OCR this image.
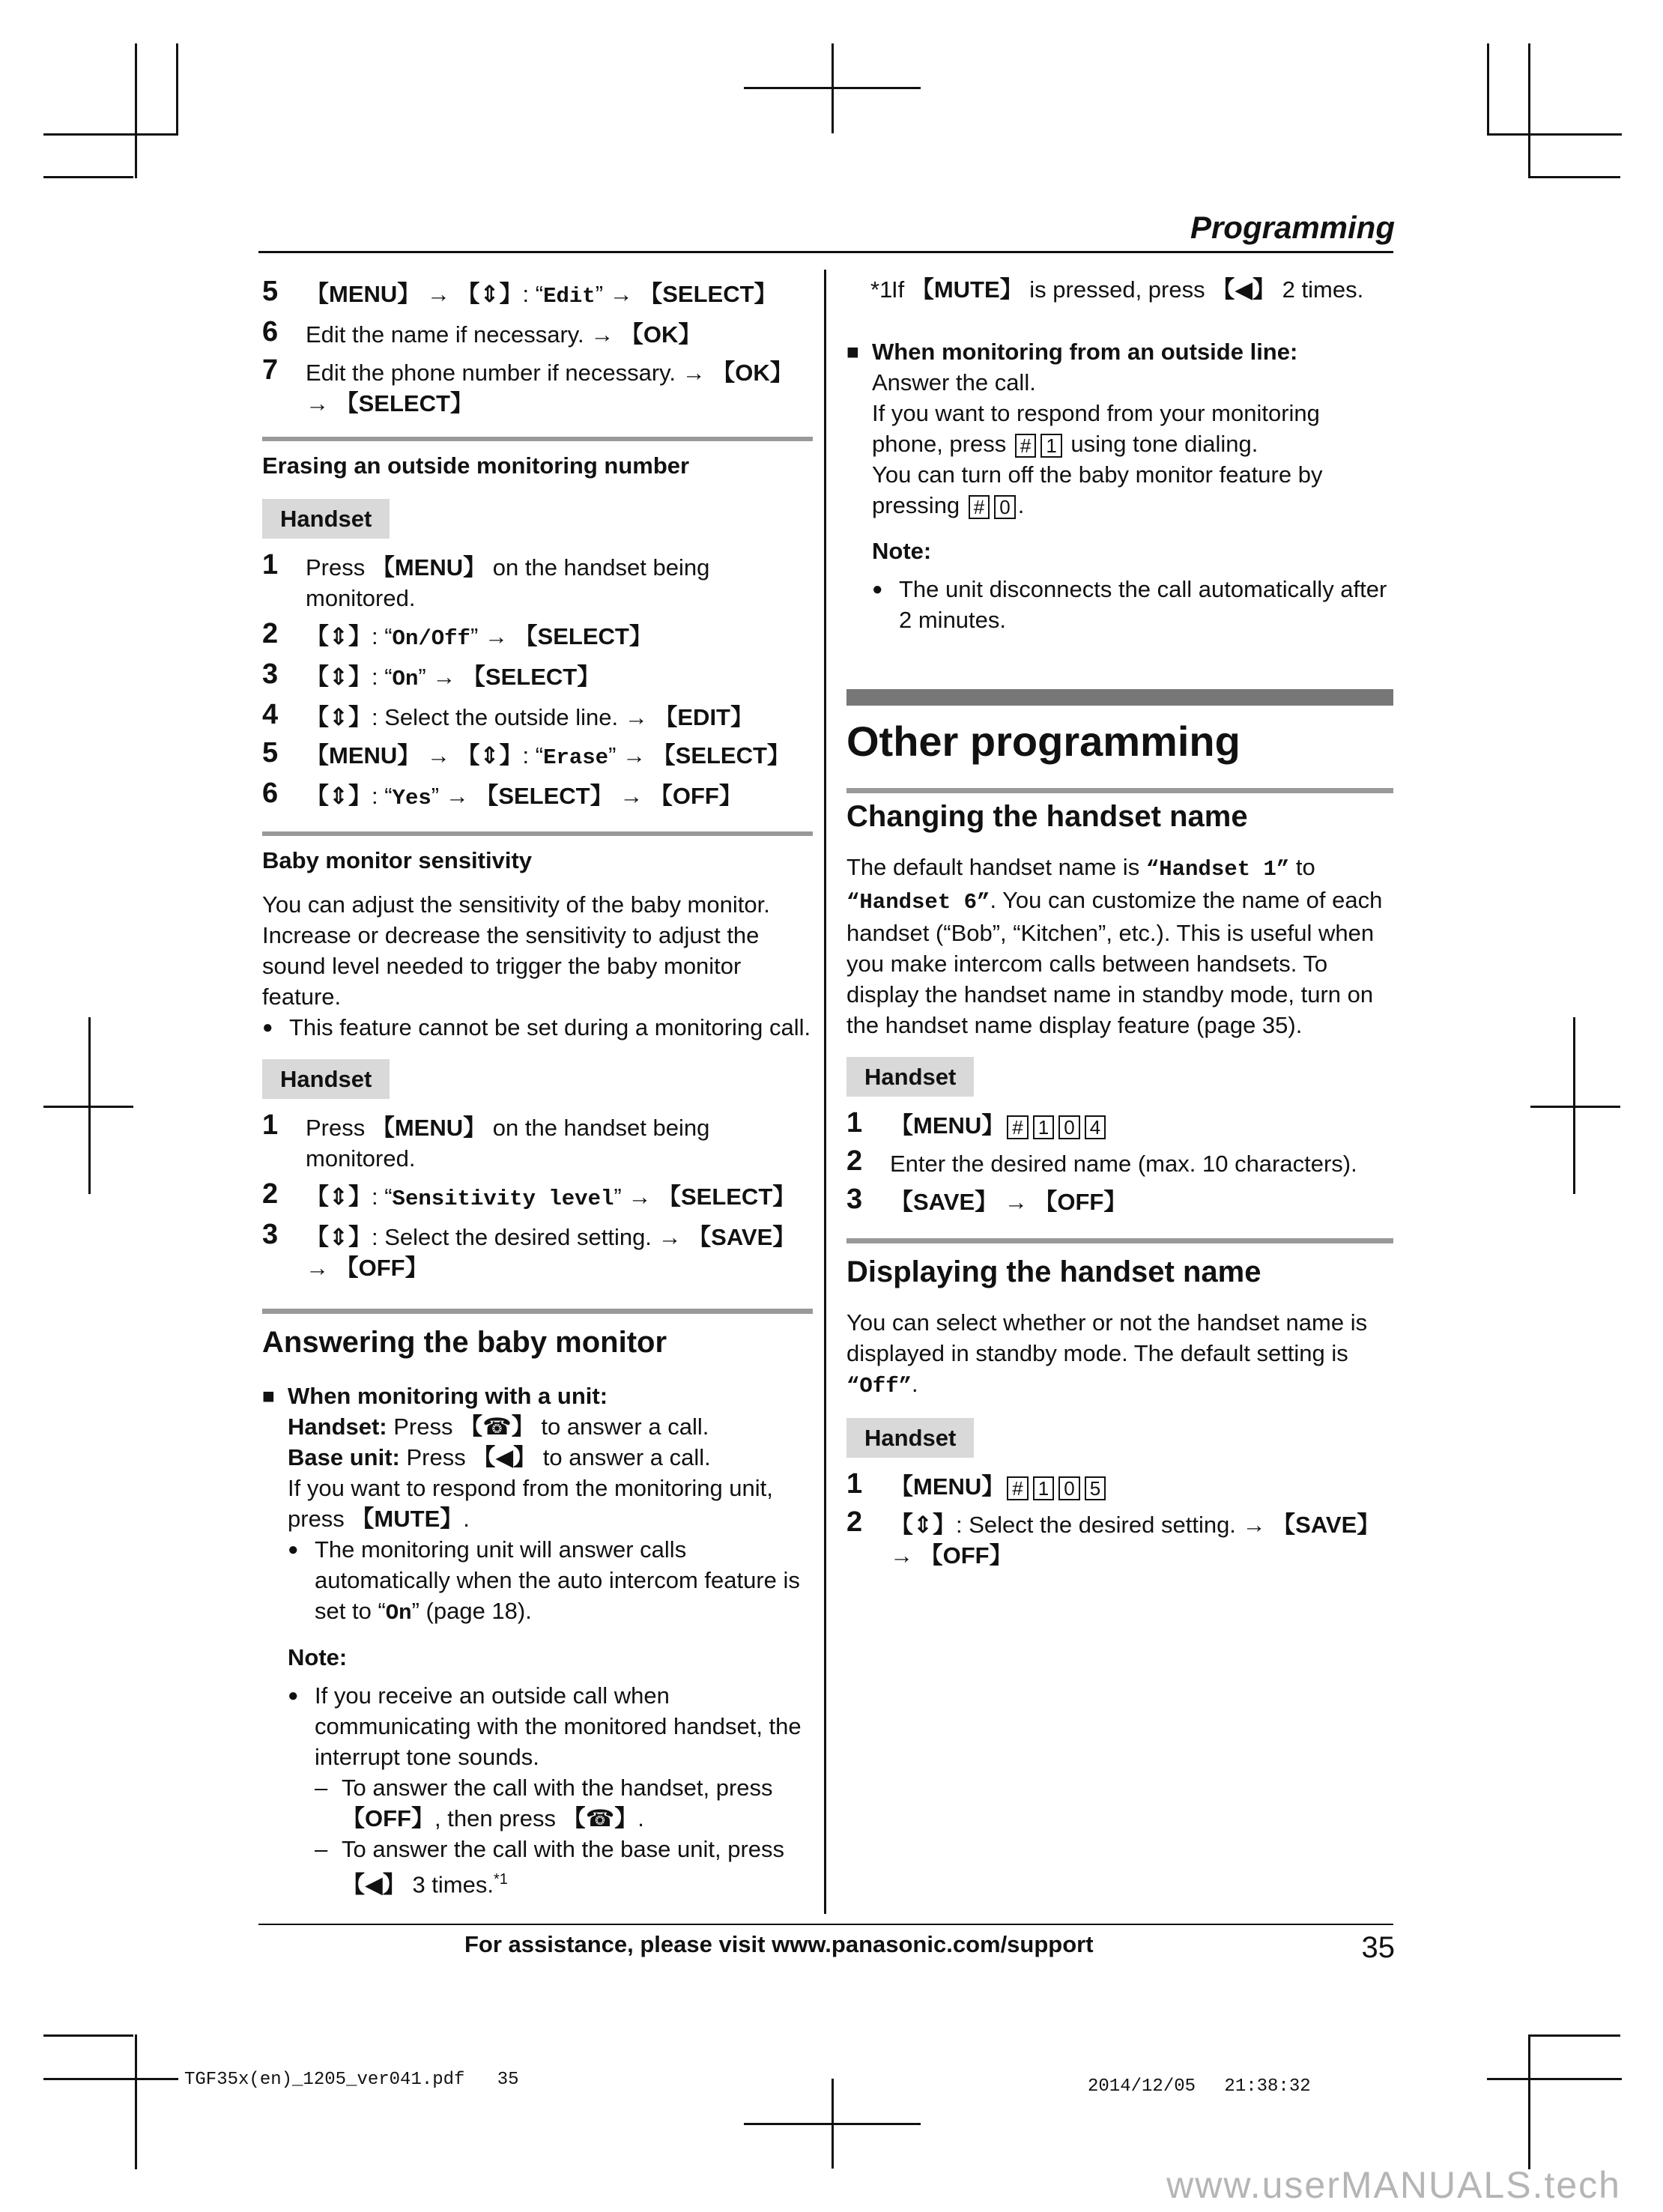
Programming
5 【MENU】 → 【⇕】: “Edit” → 【SELECT】
6 Edit the name if necessary. → 【OK】
7 Edit the phone number if necessary. → 【OK】
→ 【SELECT】
Erasing an outside monitoring number
Handset
1 Press 【MENU】 on the handset being monitored.
2 【⇕】: “On/Off” → 【SELECT】
3 【⇕】: “On” → 【SELECT】
4 【⇕】: Select the outside line. → 【EDIT】
5 【MENU】 → 【⇕】: “Erase” → 【SELECT】
6 【⇕】: “Yes” → 【SELECT】 → 【OFF】
Baby monitor sensitivity
You can adjust the sensitivity of the baby monitor. Increase or decrease the sensitivity to adjust the sound level needed to trigger the baby monitor feature.
● This feature cannot be set during a monitoring call.
Handset
1 Press 【MENU】 on the handset being monitored.
2 【⇕】: “Sensitivity level” → 【SELECT】
3 【⇕】: Select the desired setting. → 【SAVE】
→ 【OFF】
Answering the baby monitor
■ When monitoring with a unit:
Handset: Press 【☎】 to answer a call.
Base unit: Press 【◀】 to answer a call.
If you want to respond from the monitoring unit, press 【MUTE】.
● The monitoring unit will answer calls automatically when the auto intercom feature is set to “On” (page 18).
Note:
● If you receive an outside call when communicating with the monitored handset, the interrupt tone sounds.
– To answer the call with the handset, press 【OFF】, then press 【☎】.
– To answer the call with the base unit, press 【◀】 3 times.$^{*1}$
*1
If 【MUTE】 is pressed, press 【◀】 2 times.
■ When monitoring from an outside line:
Answer the call.
If you want to respond from your monitoring phone, press # 1 using tone dialing.
You can turn off the baby monitor feature by pressing # 0 .
Note:
● The unit disconnects the call automatically after 2 minutes.
Other programming
Changing the handset name
The default handset name is “Handset 1” to “Handset 6”. You can customize the name of each handset (“Bob”, “Kitchen”, etc.). This is useful when you make intercom calls between handsets. To display the handset name in standby mode, turn on the handset name display feature (page 35).
Handset
1 【MENU】 # 1 0 4
2 Enter the desired name (max. 10 characters).
3 【SAVE】 → 【OFF】
Displaying the handset name
You can select whether or not the handset name is displayed in standby mode. The default setting is “Off”.
Handset
1 【MENU】 # 1 0 5
2 【⇕】: Select the desired setting. → 【SAVE】
→ 【OFF】
For assistance, please visit www.panasonic.com/support	35
TGF35x(en)_1205_ver041.pdf 35	2014/12/05　 21:38:32
www.userMANUALS.tech
